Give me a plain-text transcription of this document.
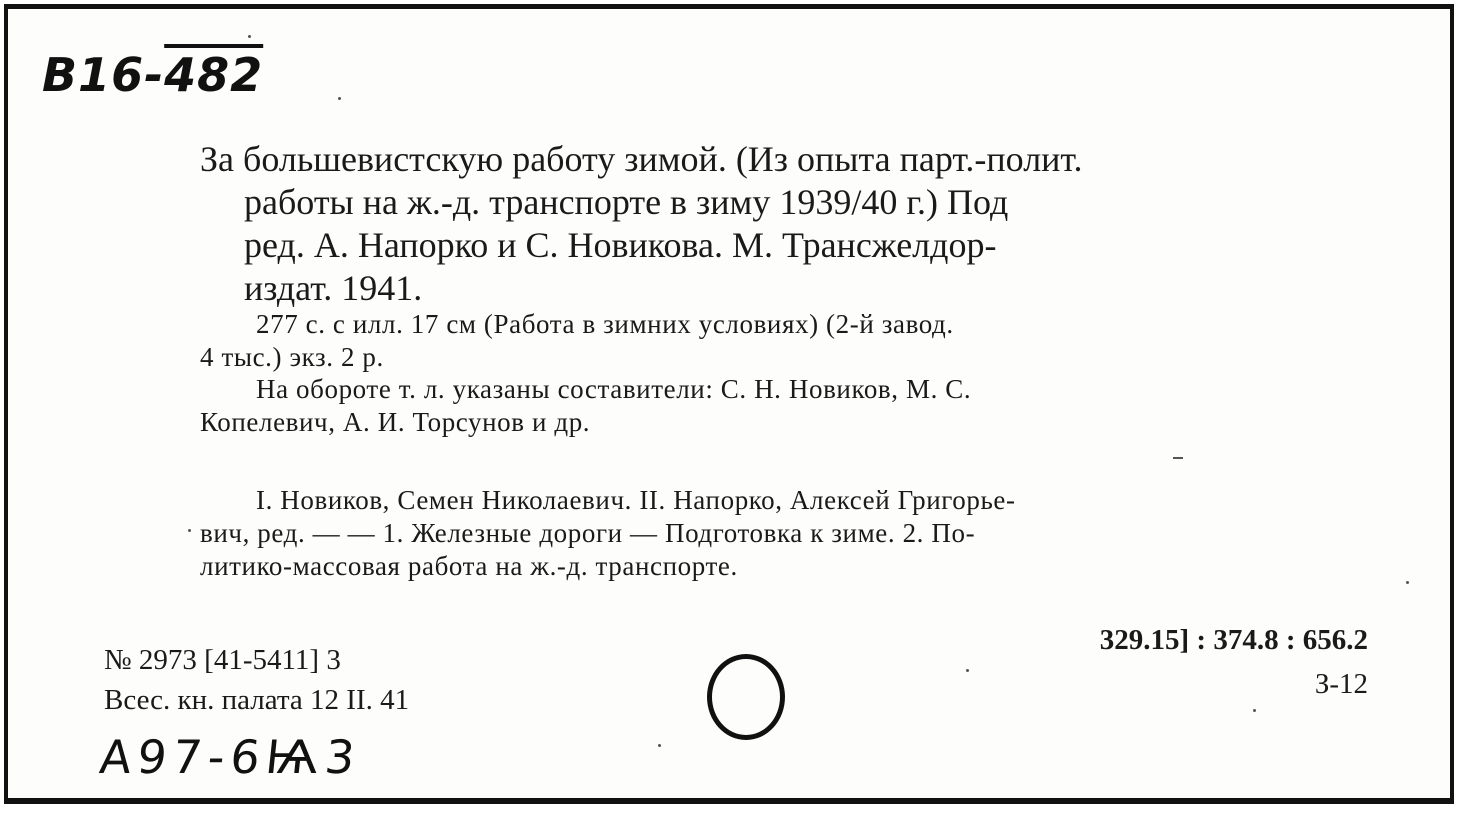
В16-482
За большевистскую работу зимой. (Из опыта парт.-полит.
работы на ж.-д. транспорте в зиму 1939/40 г.) Под
ред. А. Напорко и С. Новикова. М. Трансжелдор-
издат. 1941.
277 с. с илл. 17 см (Работа в зимних условиях) (2-й завод.
4 тыс.) экз. 2 р.
На обороте т. л. указаны составители: С. Н. Новиков, М. С.
Копелевич, А. И. Торсунов и др.
I. Новиков, Семен Николаевич. II. Напорко, Алексей Григорье-
вич, ред. — — 1. Железные дороги — Подготовка к зиме. 2. По-
литико-массовая работа на ж.-д. транспорте.
№ 2973 [41-5411] 3
Всес. кн. палата 12 II. 41
329.15] : 374.8 : 656.2
З-12
А97-6Ѩ3
